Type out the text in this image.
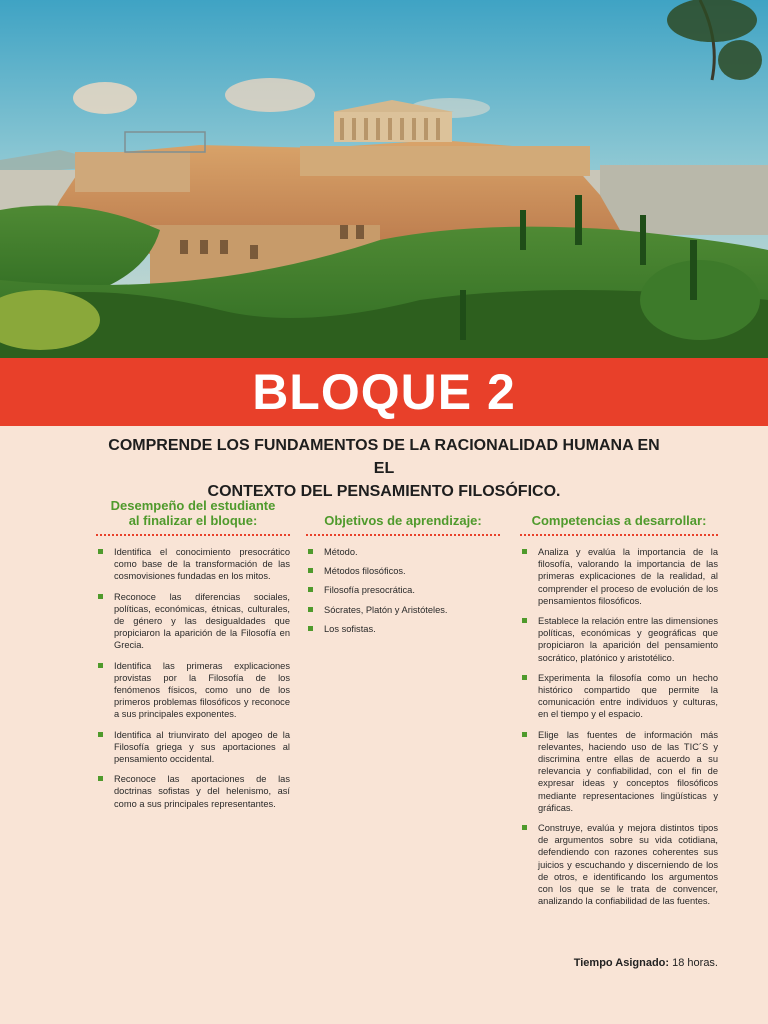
BLOQUE 2
COMPRENDE LOS FUNDAMENTOS DE LA RACIONALIDAD HUMANA EN EL
CONTEXTO DEL PENSAMIENTO FILOSÓFICO.
Desempeño del estudiante
al finalizar el bloque:
Identifica el conocimiento presocrático como base de la transformación de las cosmovisiones fundadas en los mitos.
Reconoce las diferencias sociales, políticas, económicas, étnicas, culturales, de género y las desigualdades que propiciaron la aparición de la Filosofía en Grecia.
Identifica las primeras explicaciones provistas por la Filosofía de los fenómenos físicos, como uno de los primeros problemas filosóficos y reconoce a sus principales exponentes.
Identifica al triunvirato del apogeo de la Filosofía griega y sus aportaciones al pensamiento occidental.
Reconoce las aportaciones de las doctrinas sofistas y del helenismo, así como a sus principales representantes.
Objetivos de aprendizaje:
Método.
Métodos filosóficos.
Filosofía presocrática.
Sócrates, Platón y Aristóteles.
Los sofistas.
Competencias a desarrollar:
Analiza y evalúa la importancia de la filosofía, valorando la importancia de las primeras explicaciones de la realidad, al comprender el proceso de evolución de los pensamientos filosóficos.
Establece la relación entre las dimensiones políticas, económicas y geográficas que propiciaron la aparición del pensamiento socrático, platónico y aristotélico.
Experimenta la filosofía como un hecho histórico compartido que permite la comunicación entre individuos y culturas, en el tiempo y el espacio.
Elige las fuentes de información más relevantes, haciendo uso de las TIC´S y discrimina entre ellas de acuerdo a su relevancia y confiabilidad, con el fin de expresar ideas y conceptos filosóficos mediante representaciones lingüísticas y gráficas.
Construye, evalúa y mejora distintos tipos de argumentos sobre su vida cotidiana, defendiendo con razones coherentes sus juicios y escuchando y discerniendo de los de otros, e identificando los argumentos con los que se le trata de convencer, analizando la confiabilidad de las fuentes.
Tiempo Asignado: 18 horas.
